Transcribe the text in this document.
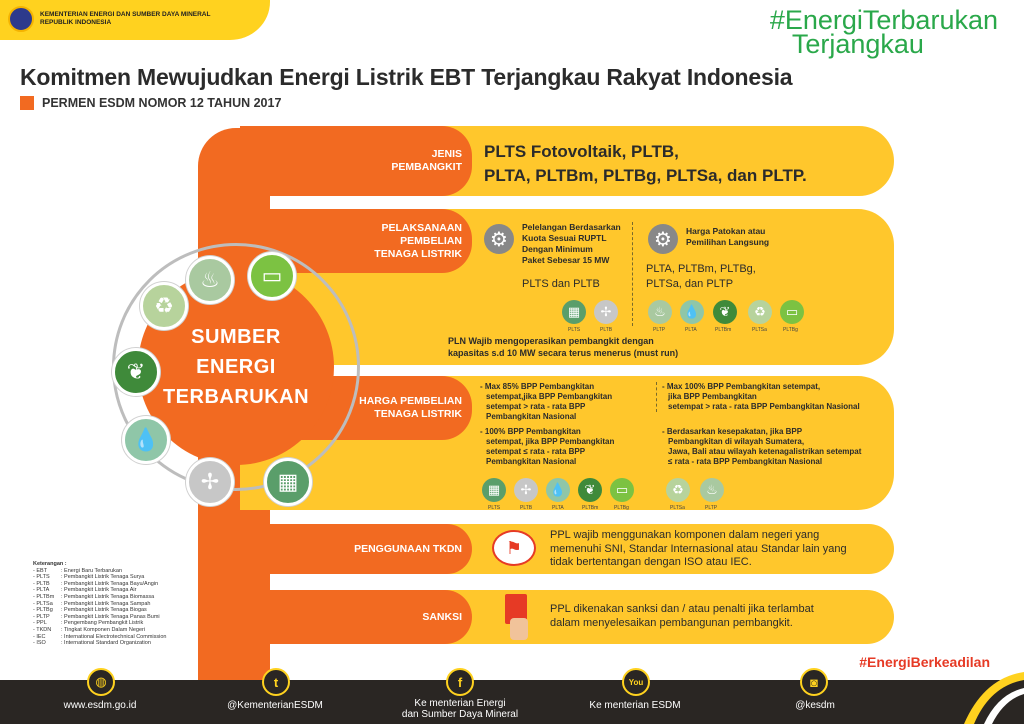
KEMENTERIAN ENERGI DAN SUMBER DAYA MINERAL
REPUBLIK INDONESIA	#EnergiTerbarukan
Terjangkau
Komitmen Mewujudkan Energi Listrik EBT Terjangkau Rakyat Indonesia
PERMEN ESDM NOMOR 12 TAHUN 2017
JENIS
PEMBANGKIT
PLTS Fotovoltaik, PLTB,
PLTA, PLTBm, PLTBg, PLTSa, dan PLTP.
PELAKSANAAN
PEMBELIAN
TENAGA LISTRIK
⚙
Pelelangan Berdasarkan
Kuota Sesuai RUPTL
Dengan Minimum
Paket Sebesar 15 MW
PLTS dan PLTB
⚙	Harga Patokan atau
Pemilihan Langsung
PLTA, PLTBm, PLTBg,
PLTSa, dan PLTP
▦	✢
PLTS	PLTB
♨	💧	❦	♻	▭
PLTP	PLTA	PLTBm	PLTSa	PLTBg
PLN Wajib mengoperasikan pembangkit dengan
kapasitas s.d 10 MW secara terus menerus (must run)
HARGA PEMBELIAN
TENAGA LISTRIK
- Max 85% BPP Pembangkitan
setempat,jika BPP Pembangkitan
setempat > rata - rata BPP
Pembangkitan Nasional
- 100% BPP Pembangkitan
setempat, jika BPP Pembangkitan
setempat ≤ rata - rata BPP
Pembangkitan Nasional
- Max 100% BPP Pembangkitan setempat,
jika BPP Pembangkitan
setempat > rata - rata BPP Pembangkitan Nasional
- Berdasarkan kesepakatan, jika BPP
Pembangkitan di wilayah Sumatera,
Jawa, Bali atau wilayah ketenagalistrikan setempat
≤ rata - rata BPP Pembangkitan Nasional
▦	✢	💧	❦	▭
PLTS	PLTB	PLTA	PLTBm	PLTBg
♻	♨
PLTSa	PLTP
PENGGUNAAN TKDN	⚑
PPL wajib menggunakan komponen dalam negeri yang
memenuhi SNI, Standar Internasional atau Standar lain yang
tidak bertentangan dengan ISO atau IEC.
SANKSI
PPL dikenakan sanksi dan / atau penalti jika terlambat
dalam menyelesaikan pembangunan pembangkit.
SUMBER
ENERGI
TERBARUKAN
♨	▭
♻
❦
💧
✢	▦
Keterangan :
- EBT	: Energi Baru Terbarukan
- PLTS	: Pembangkit Listrik Tenaga Surya
- PLTB	: Pembangkit Listrik Tenaga Bayu/Angin
- PLTA	: Pembangkit Listrik Tenaga Air
- PLTBm	: Pembangkit Listrik Tenaga Biomassa
- PLTSa	: Pembangkit Listrik Tenaga Sampah
- PLTBg	: Pembangkit Listrik Tenaga Biogas
- PLTP	: Pembangkit Listrik Tenaga Panas Bumi
- PPL	: Pengembang Pembangkit Listrik
- TKDN	: Tingkat Komponen Dalam Negeri
- IEC	: International Electrotechnical Commission
- ISO	: International Standard Organization
#EnergiBerkeadilan
◍
www.esdm.go.id
t
@KementerianESDM
f
Ke menterian Energi
dan Sumber Daya Mineral
You
Ke menterian ESDM
◙
@kesdm
